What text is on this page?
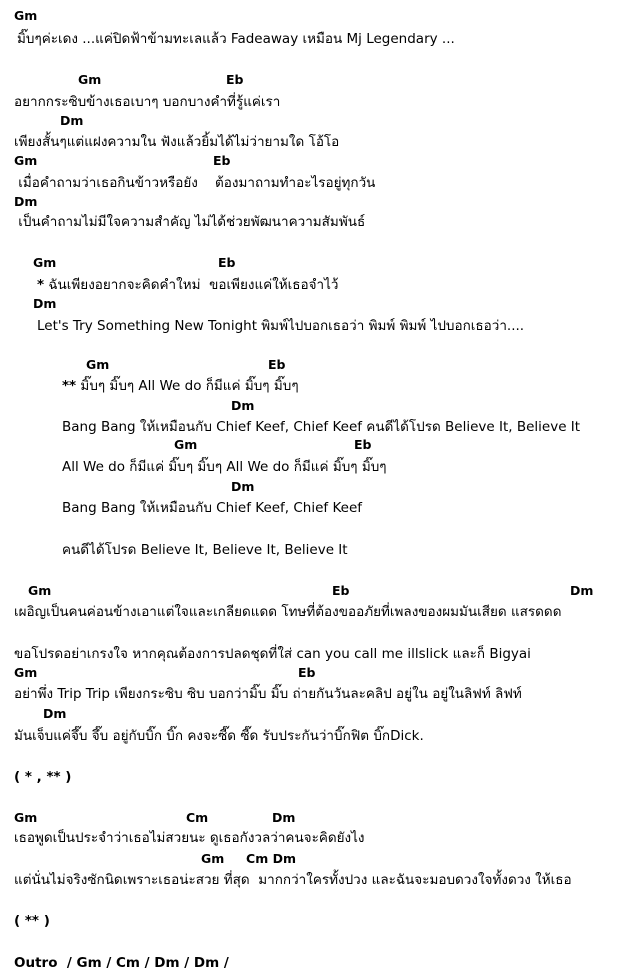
Gm
มิ๊บๆค่ะเดง ...แค่ปิดฟ้าข้ามทะเลแล้ว Fadeaway เหมือน Mj Legendary ...
Gm	Eb
อยากกระซิบข้างเธอเบาๆ บอกบางคำที่รู้แค่เรา
Dm
เพียงสั้นๆแต่แฝงความใน ฟังแล้วยิ้มได้ไม่ว่ายามใด โอ้โอ
Gm	Eb
เมื่อคำถามว่าเธอกินข้าวหรือยัง    ต้องมาถามทำอะไรอยู่ทุกวัน
Dm
เป็นคำถามไม่มีใจความสำคัญ ไม่ได้ช่วยพัฒนาความสัมพันธ์
Gm	Eb
* ฉันเพียงอยากจะคิดคำใหม่  ขอเพียงแค่ให้เธอจำไว้
Dm
Let's Try Something New Tonight พิมพ์ไปบอกเธอว่า พิมพ์ พิมพ์ ไปบอกเธอว่า....
Gm	Eb
** มิ๊บๆ มิ๊บๆ All We do ก็มีแค่ มิ๊บๆ มิ๊บๆ
Dm
Bang Bang ให้เหมือนกับ Chief Keef, Chief Keef คนดีได้โปรด Believe It, Believe It
Gm	Eb
All We do ก็มีแค่ มิ๊บๆ มิ๊บๆ All We do ก็มีแค่ มิ๊บๆ มิ๊บๆ
Dm
Bang Bang ให้เหมือนกับ Chief Keef, Chief Keef
คนดีได้โปรด Believe It, Believe It, Believe It
Gm	Eb	Dm
เผอิญเป็นคนค่อนข้างเอาแต่ใจและเกลียดแดด โทษที่ต้องขออภัยที่เพลงของผมมันเสียด แสรดดด
ขอโปรดอย่าเกรงใจ หากคุณต้องการปลดชุดที่ใส่ can you call me illslick และก็ Bigyai
Gm	Eb
อย่าพึ่ง Trip Trip เพียงกระซิบ ซิบ บอกว่ามิ๊บ มิ๊บ ถ่ายกันวันละคลิป อยู่ใน อยู่ในลิฟท์ ลิฟท์
Dm
มันเจ็บแค่จึ๊บ จึ๊บ อยู่กับบิ๊ก บิ๊ก คงจะซี๊ด ซี๊ด รับประกันว่าบิ๊กฟิต บิ๊กDick.
( * , ** )
Gm	Cm	Dm
เธอพูดเป็นประจำว่าเธอไม่สวยนะ ดูเธอกังวลว่าคนจะคิดยังไง
Gm     Cm Dm
แต่นั่นไม่จริงซักนิดเพราะเธอน่ะสวย ที่สุด  มากกว่าใครทั้งปวง และฉันจะมอบดวงใจทั้งดวง ให้เธอ
( ** )
Outro  / Gm / Cm / Dm / Dm /
